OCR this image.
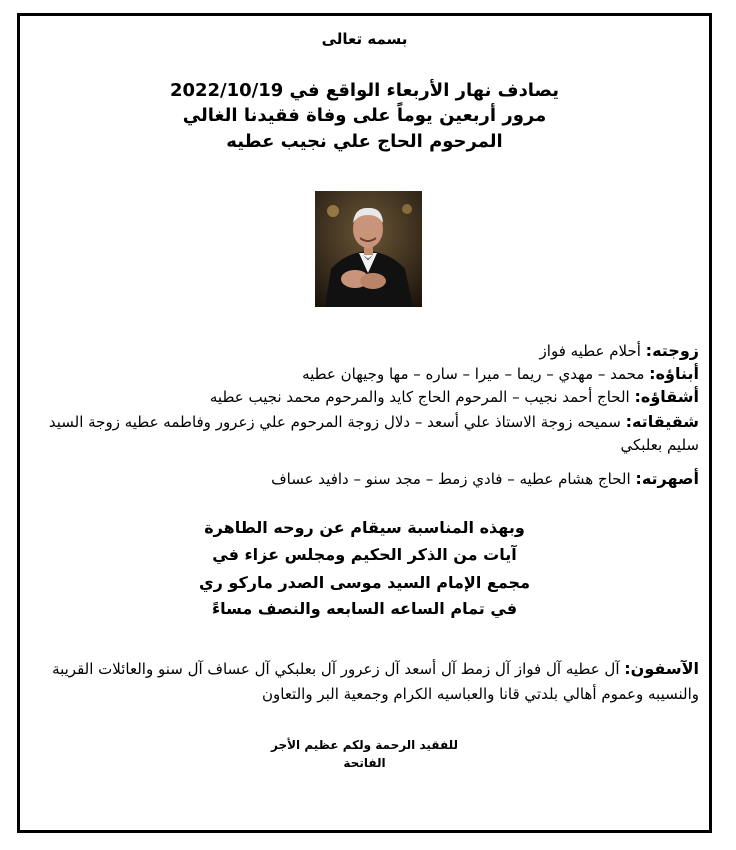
بسمه تعالى
يصادف نهار الأربعاء الواقع في 2022/10/19
مرور أربعين يوماً على وفاة فقيدنا الغالي
المرحوم الحاج علي نجيب عطيه
زوجته: أحلام عطيه فواز
أبناؤه: محمد – مهدي – ريما – ميرا – ساره – مها وجيهان عطيه
أشقاؤه: الحاج أحمد نجيب – المرحوم الحاج كايد والمرحوم محمد نجيب عطيه
شقيقاته: سميحه زوجة الاستاذ علي أسعد – دلال زوجة المرحوم علي زعرور وفاطمه عطيه زوجة السيد سليم بعلبكي
أصهرته: الحاج هشام عطيه – فادي زمط – مجد سنو – دافيد عساف
وبهذه المناسبة سيقام عن روحه الطاهرة
آيات من الذكر الحكيم ومجلس عزاء في
مجمع الإمام السيد موسى الصدر ماركو ري
في تمام الساعه السابعه والنصف مساءً
الآسفون: آل عطيه آل فواز آل زمط آل أسعد آل زعرور آل بعلبكي آل عساف آل سنو والعائلات القريبة والنسيبه وعموم أهالي بلدتي قانا والعباسيه الكرام وجمعية البر والتعاون
للفقيد الرحمة ولكم عظيم الأجر
الفاتحة
